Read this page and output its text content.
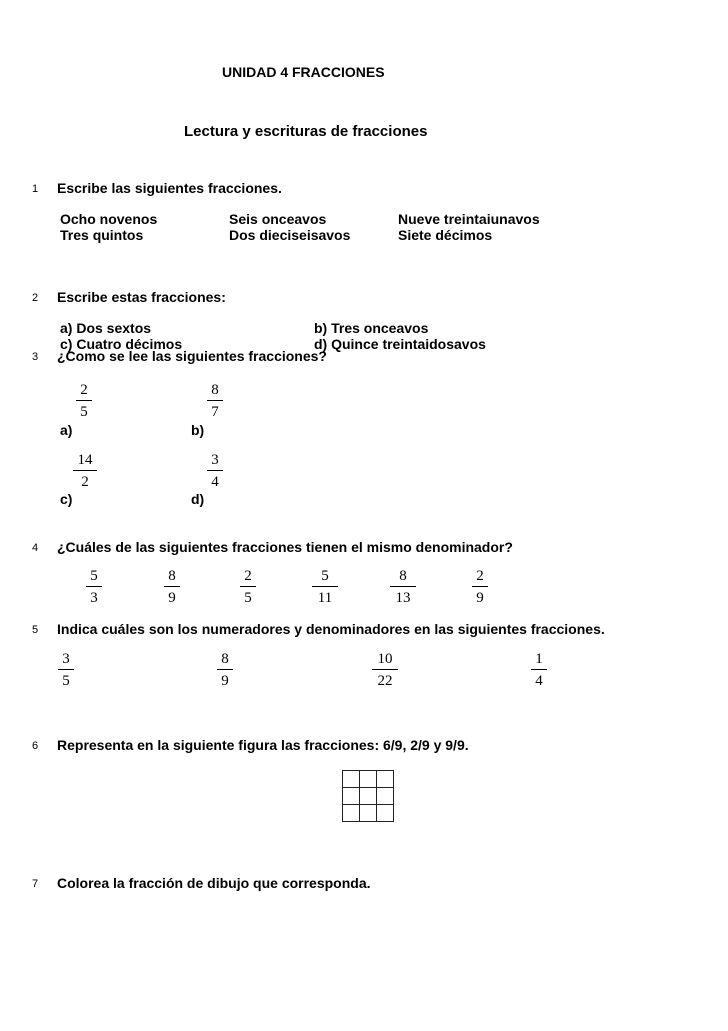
UNIDAD 4 FRACCIONES
Lectura y escrituras de fracciones
1 Escribe las siguientes fracciones.
Ocho novenos	Seis onceavos	Nueve treintaiunavos
Tres quintos	Dos dieciseisavos	Siete décimos
2 Escribe estas fracciones:
a) Dos sextos	b) Tres onceavos
c) Cuatro décimos	d) Quince treintaidosavos
3 ¿Como se lee las siguientes fracciones?
2
5
8
7
a)	b)
14
2
3
4
c)	d)
4 ¿Cuáles de las siguientes fracciones tienen el mismo denominador?
5
3
8
9
2
5
5
11
8
13
2
9
5 Indica cuáles son los numeradores y denominadores en las siguientes fracciones.
3
5
8
9
10
22
1
4
6 Representa en la siguiente figura las fracciones: 6/9, 2/9 y 9/9.

7 Colorea la fracción de dibujo que corresponda.
